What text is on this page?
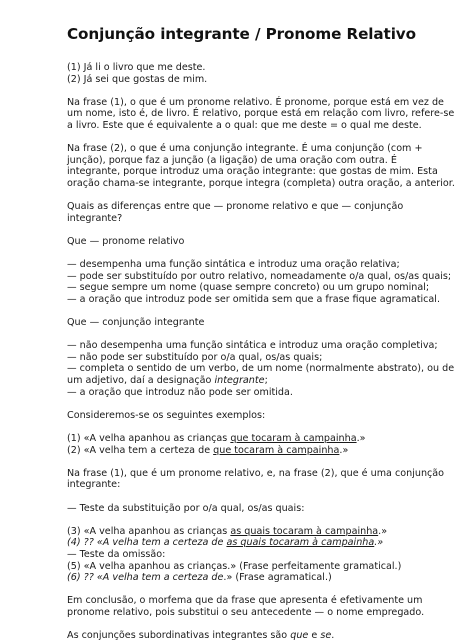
Conjunção integrante / Pronome Relativo

(1) Já li o livro que me deste.

(2) Já sei que gostas de mim.

Na frase (1), o que é um pronome relativo. É pronome, porque está em vez de

um nome, isto é, de livro. É relativo, porque está em relação com livro, refere-se

a livro. Este que é equivalente a o qual: que me deste = o qual me deste.

Na frase (2), o que é uma conjunção integrante. É uma conjunção (com +

junção), porque faz a junção (a ligação) de uma oração com outra. É

integrante, porque introduz uma oração integrante: que gostas de mim. Esta

oração chama-se integrante, porque integra (completa) outra oração, a anterior.

Quais as diferenças entre que — pronome relativo e que — conjunção

integrante?

Que — pronome relativo

— desempenha uma função sintática e introduz uma oração relativa;

— pode ser substituído por outro relativo, nomeadamente o/a qual, os/as quais;

— segue sempre um nome (quase sempre concreto) ou um grupo nominal;

— a oração que introduz pode ser omitida sem que a frase fique agramatical.

Que — conjunção integrante

— não desempenha uma função sintática e introduz uma oração completiva;

— não pode ser substituído por o/a qual, os/as quais;

— completa o sentido de um verbo, de um nome (normalmente abstrato), ou de

um adjetivo, daí a designação integrante;

— a oração que introduz não pode ser omitida.

Consideremos-se os seguintes exemplos:

(1) «A velha apanhou as crianças que tocaram à campainha.»

(2) «A velha tem a certeza de que tocaram à campainha.»

Na frase (1), que é um pronome relativo, e, na frase (2), que é uma conjunção

integrante:

— Teste da substituição por o/a qual, os/as quais:

(3) «A velha apanhou as crianças as quais tocaram à campainha.»

(4) ?? «A velha tem a certeza de as quais tocaram à campainha.»

— Teste da omissão:

(5) «A velha apanhou as crianças.» (Frase perfeitamente gramatical.)

(6) ?? «A velha tem a certeza de.» (Frase agramatical.)

Em conclusão, o morfema que da frase que apresenta é efetivamente um

pronome relativo, pois substitui o seu antecedente — o nome empregado.

As conjunções subordinativas integrantes são que e se.
